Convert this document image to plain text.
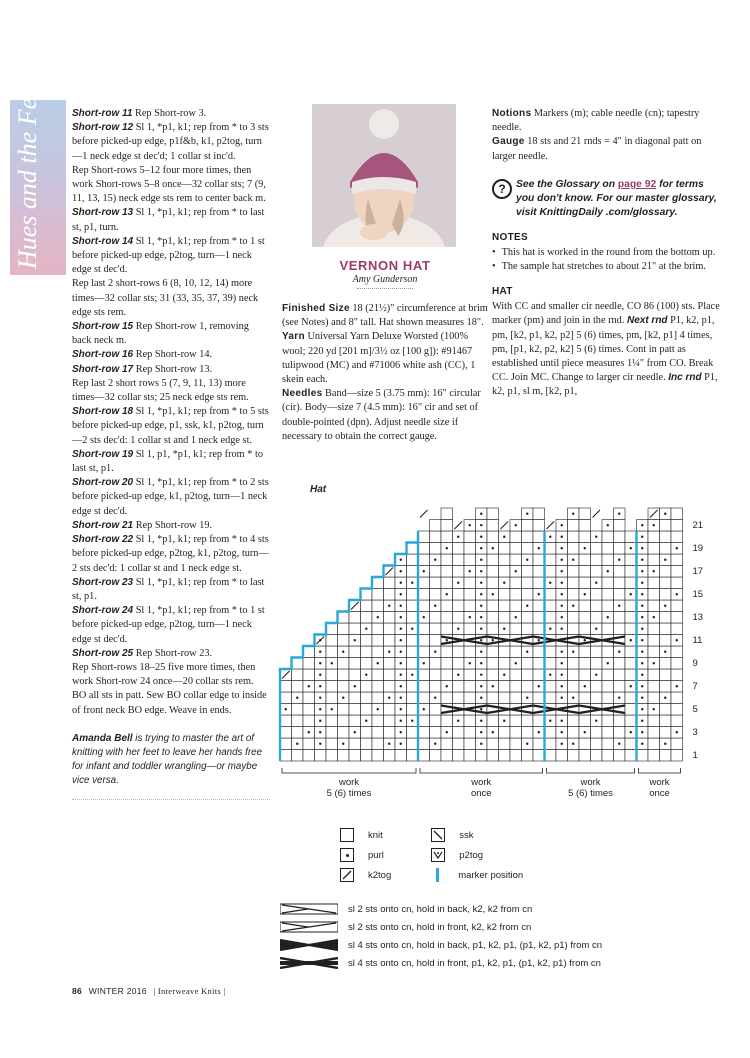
Hues and the Fervor	Short-row 11 Rep Short-row 3.

Short-row 12 Sl 1, *p1, k1; rep from * to 3 sts before picked-up edge, p1f&b, k1, p2tog, turn—1 neck edge st dec'd; 1 collar st inc'd.

Rep Short-rows 5–12 four more times, then work Short-rows 5–8 once—32 collar sts; 7 (9, 11, 13, 15) neck edge sts rem to center back m.

Short-row 13 Sl 1, *p1, k1; rep from * to last st, p1, turn.

Short-row 14 Sl 1, *p1, k1; rep from * to 1 st before picked-up edge, p2tog, turn—1 neck edge st dec'd.

Rep last 2 short-rows 6 (8, 10, 12, 14) more times—32 collar sts; 31 (33, 35, 37, 39) neck edge sts rem.

Short-row 15 Rep Short-row 1, removing back neck m.

Short-row 16 Rep Short-row 14.

Short-row 17 Rep Short-row 13.

Rep last 2 short rows 5 (7, 9, 11, 13) more times—32 collar sts; 25 neck edge sts rem.

Short-row 18 Sl 1, *p1, k1; rep from * to 5 sts before picked-up edge, p1, ssk, k1, p2tog, turn—2 sts dec'd: 1 collar st and 1 neck edge st.

Short-row 19 Sl 1, p1, *p1, k1; rep from * to last st, p1.

Short-row 20 Sl 1, *p1, k1; rep from * to 2 sts before picked-up edge, k1, p2tog, turn—1 neck edge st dec'd.

Short-row 21 Rep Short-row 19.

Short-row 22 Sl 1, *p1, k1; rep from * to 4 sts before picked-up edge, p2tog, k1, p2tog, turn—2 sts dec'd: 1 collar st and 1 neck edge st.

Short-row 23 Sl 1, *p1, k1; rep from * to last st, p1.

Short-row 24 Sl 1, *p1, k1; rep from * to 1 st before picked-up edge, p2tog, turn—1 neck edge st dec'd.

Short-row 25 Rep Short-row 23.

Rep Short-rows 18–25 five more times, then work Short-row 24 once—20 collar sts rem. BO all sts in patt. Sew BO collar edge to inside of front neck BO edge. Weave in ends.

Amanda Bell is trying to master the art of knitting with her feet to leave her hands free for infant and toddler wrangling—or maybe vice versa.
VERNON HAT
Amy Gunderson

Finished Size 18 (21½)" circumference at brim (see Notes) and 8" tall. Hat shown measures 18".

Yarn Universal Yarn Deluxe Worsted (100% wool; 220 yd [201 m]/3½ oz [100 g]): #91467 tulipwood (MC) and #71006 white ash (CC), 1 skein each.

Needles Band—size 5 (3.75 mm): 16" circular (cir). Body—size 7 (4.5 mm): 16" cir and set of double-pointed (dpn). Adjust needle size if necessary to obtain the correct gauge.

Notions Markers (m); cable needle (cn); tapestry needle.

Gauge 18 sts and 21 rnds = 4" in diagonal patt on larger needle.

?	See the Glossary on page 92 for terms you don't know. For our master glossary, visit KnittingDaily .com/glossary.
NOTES
• This hat is worked in the round from the bottom up.
• The sample hat stretches to about 21" at the brim.
HAT

With CC and smaller cir needle, CO 86 (100) sts. Place marker (pm) and join in the rnd. Next rnd P1, k2, p1, pm, [k2, p1, k2, p2] 5 (6) times, pm, [k2, p1] 4 times, pm, [p1, k2, p2, k2] 5 (6) times. Cont in patt as established until piece measures 1¼" from CO. Break CC. Join MC. Change to larger cir needle. Inc rnd P1, k2, p1, sl m, [k2, p1,

Hat
21
19
17
15
13
11
9
7
5
3
1
work
5 (6) times
work
once
work
5 (6) times
work
once
knit
purl
k2tog
ssk
p2tog
marker position
sl 2 sts onto cn, hold in back, k2, k2 from cn
sl 2 sts onto cn, hold in front, k2, k2 from cn
sl 4 sts onto cn, hold in back, p1, k2, p1, (p1, k2, p1) from cn
sl 4 sts onto cn, hold in front, p1, k2, p1, (p1, k2, p1) from cn
86 WINTER 2016 | Interweave Knits |
